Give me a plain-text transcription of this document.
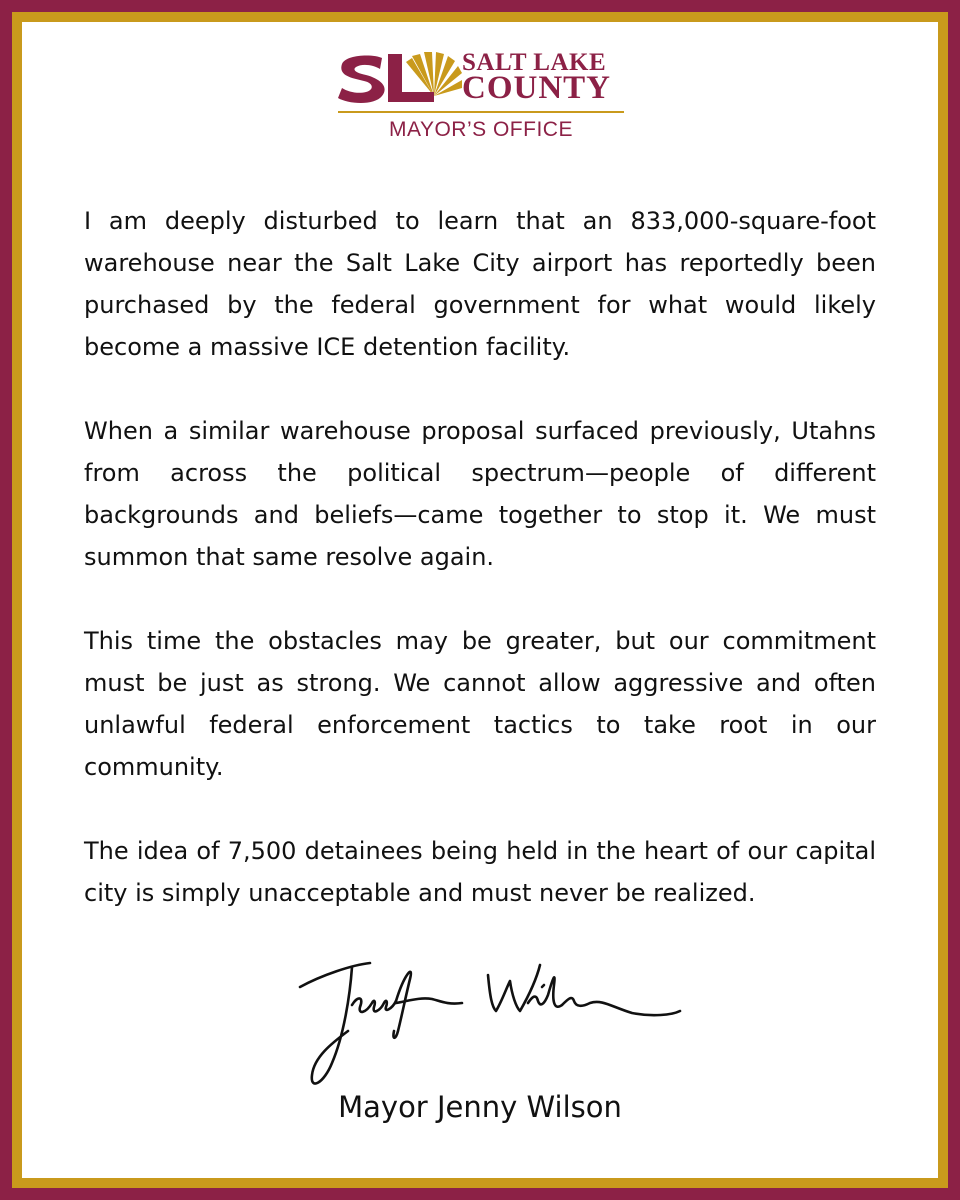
SALT LAKE
COUNTY
MAYOR’S OFFICE

I am deeply disturbed to learn that an 833,000-square-foot warehouse near the Salt Lake City airport has reportedly been purchased by the federal government for what would likely become a massive ICE detention facility.

When a similar warehouse proposal surfaced previously, Utahns from across the political spectrum—people of different backgrounds and beliefs—came together to stop it. We must summon that same resolve again.

This time the obstacles may be greater, but our commitment must be just as strong. We cannot allow aggressive and often unlawful federal enforcement tactics to take root in our community.

The idea of 7,500 detainees being held in the heart of our capital city is simply unacceptable and must never be realized.

Mayor Jenny Wilson
